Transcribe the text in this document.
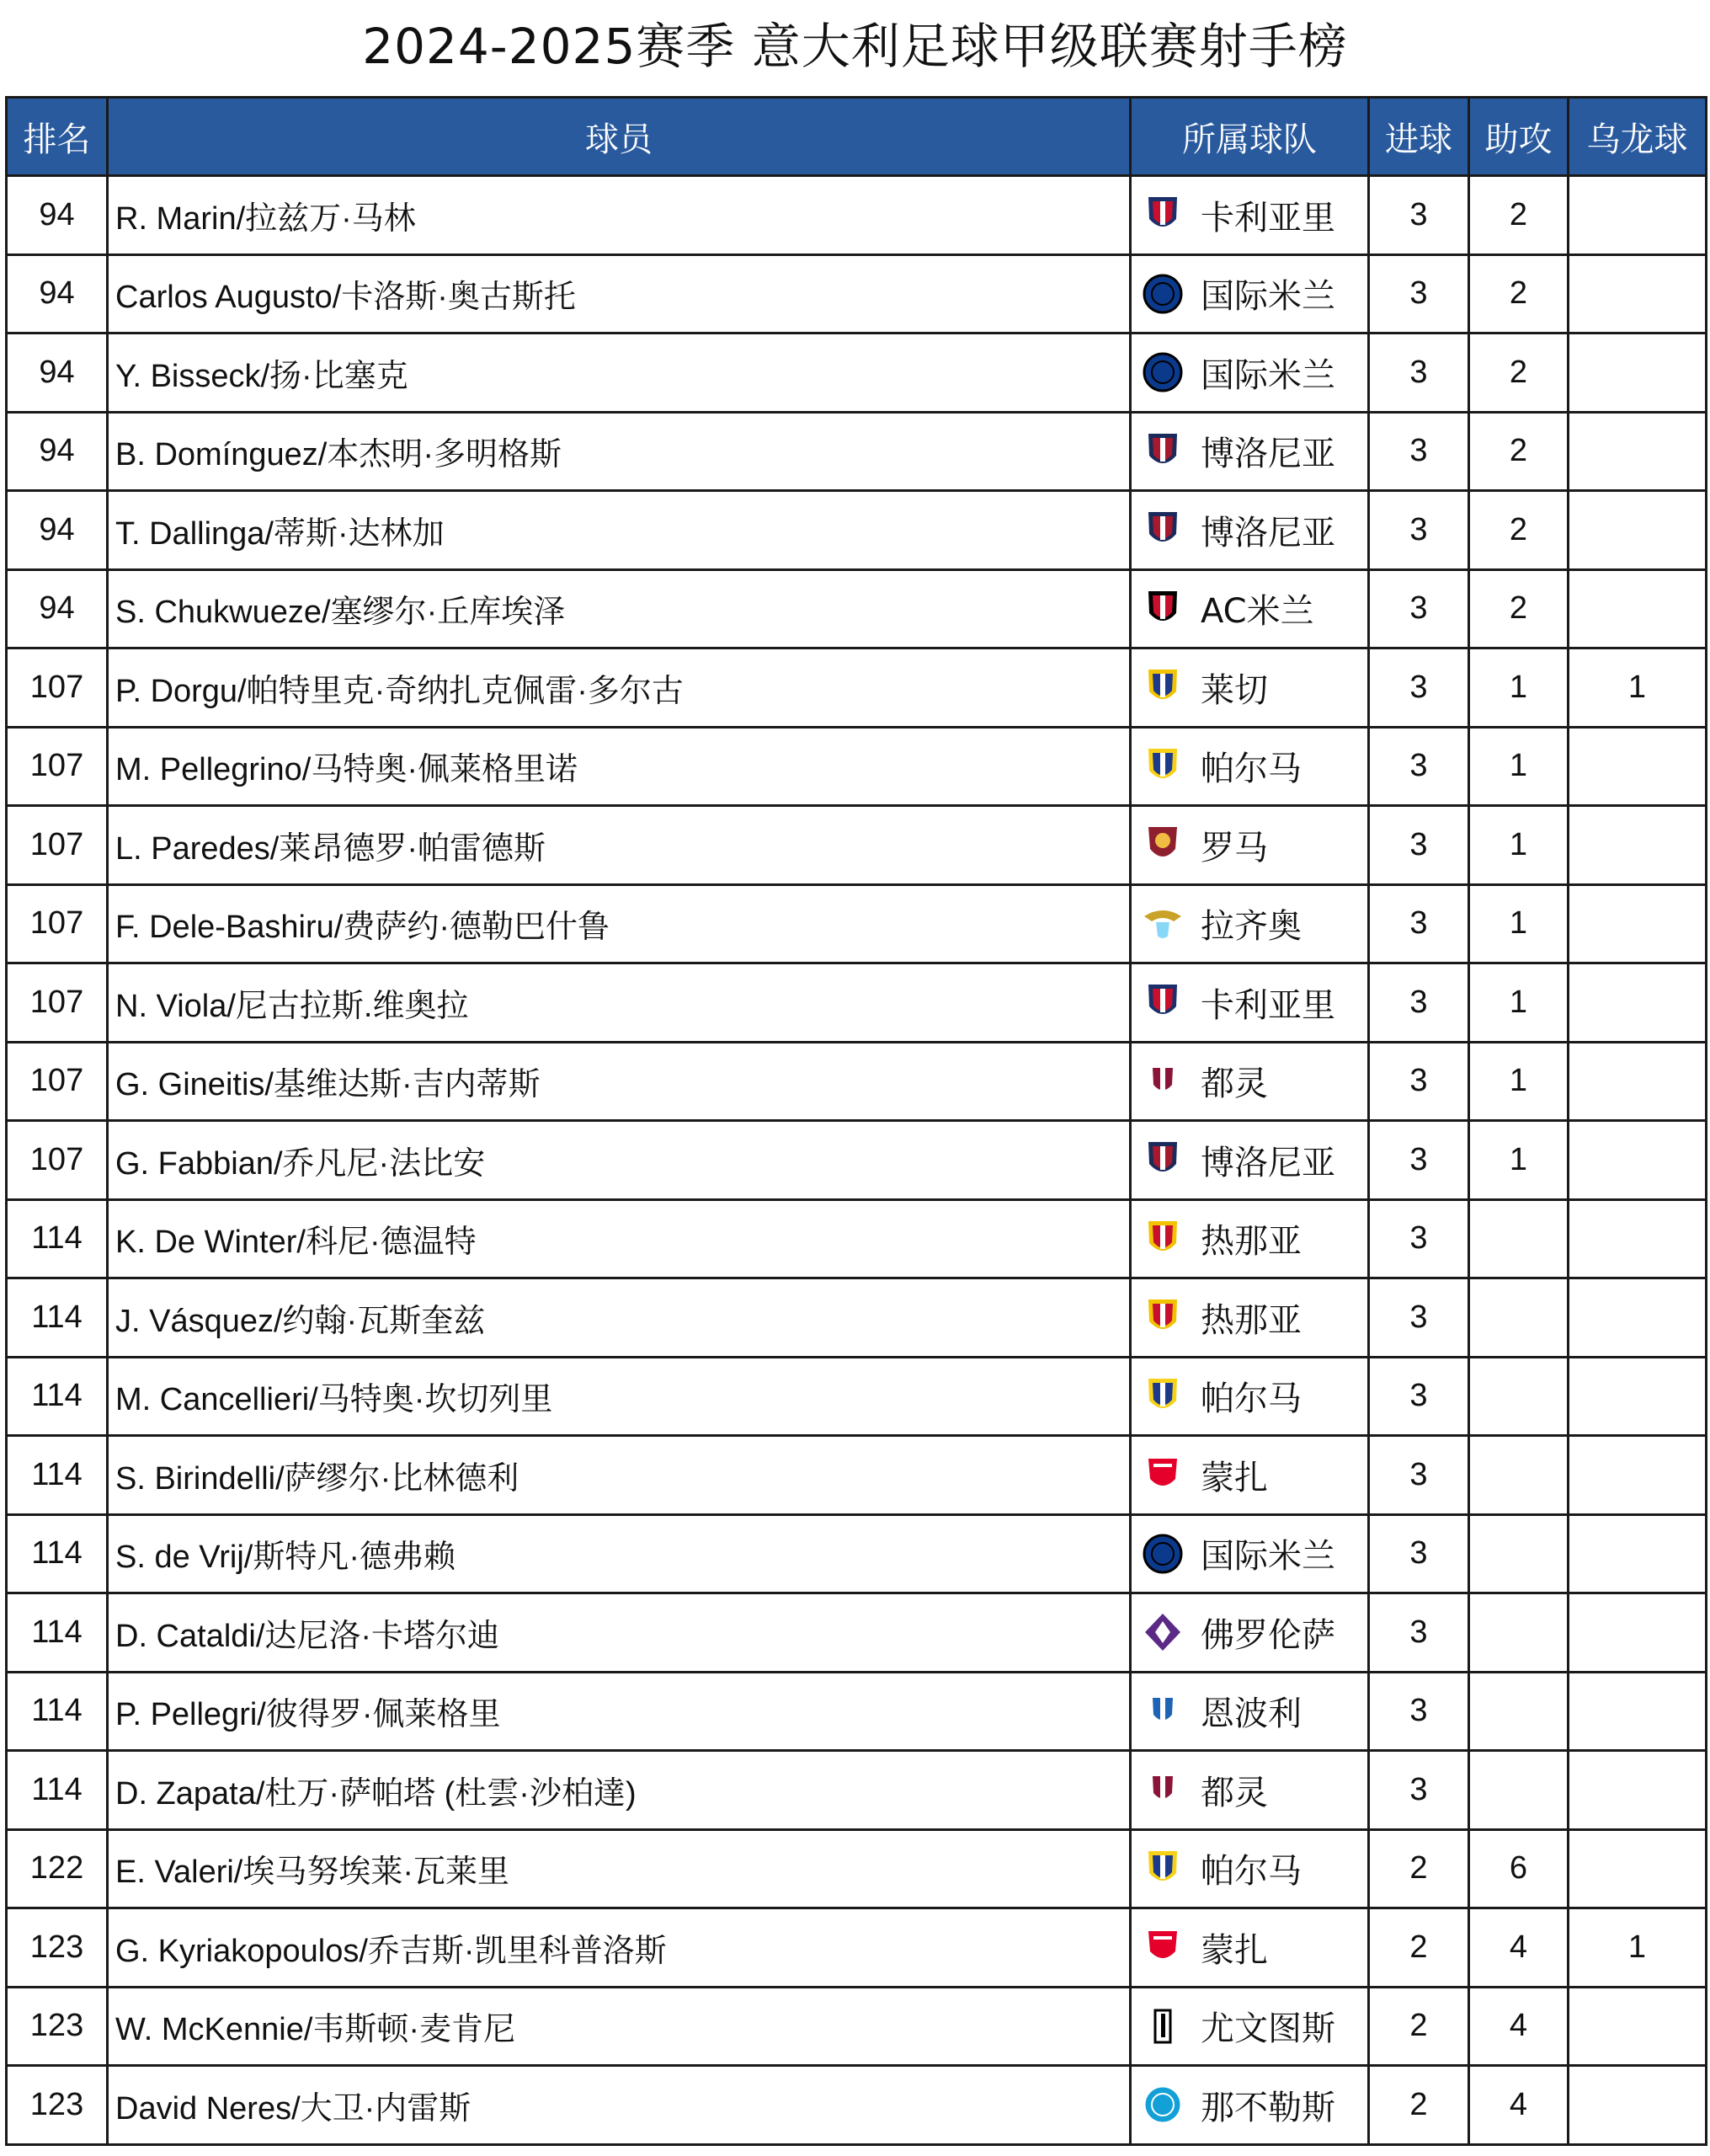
2024-2025赛季 意大利足球甲级联赛射手榜
排名	球员	所属球队	进球	助攻	乌龙球
94	R. Marin/拉兹万·马林	卡利亚里	3	2	
94	Carlos Augusto/卡洛斯·奥古斯托	国际米兰	3	2	
94	Y. Bisseck/扬·比塞克	国际米兰	3	2	
94	B. Domínguez/本杰明·多明格斯	博洛尼亚	3	2	
94	T. Dallinga/蒂斯·达林加	博洛尼亚	3	2	
94	S. Chukwueze/塞缪尔·丘库埃泽	AC米兰	3	2	
107	P. Dorgu/帕特里克·奇纳扎克佩雷·多尔古	莱切	3	1	1
107	M. Pellegrino/马特奥·佩莱格里诺	帕尔马	3	1	
107	L. Paredes/莱昂德罗·帕雷德斯	罗马	3	1	
107	F. Dele-Bashiru/费萨约·德勒巴什鲁	拉齐奥	3	1	
107	N. Viola/尼古拉斯.维奥拉	卡利亚里	3	1	
107	G. Gineitis/基维达斯·吉内蒂斯	都灵	3	1	
107	G. Fabbian/乔凡尼·法比安	博洛尼亚	3	1	
114	K. De Winter/科尼·德温特	热那亚	3		
114	J. Vásquez/约翰·瓦斯奎兹	热那亚	3		
114	M. Cancellieri/马特奥·坎切列里	帕尔马	3		
114	S. Birindelli/萨缪尔·比林德利	蒙扎	3		
114	S. de Vrij/斯特凡·德弗赖	国际米兰	3		
114	D. Cataldi/达尼洛·卡塔尔迪	佛罗伦萨	3		
114	P. Pellegri/彼得罗·佩莱格里	恩波利	3		
114	D. Zapata/杜万·萨帕塔 (杜雲·沙柏達)	都灵	3		
122	E. Valeri/埃马努埃莱·瓦莱里	帕尔马	2	6	
123	G. Kyriakopoulos/乔吉斯·凯里科普洛斯	蒙扎	2	4	1
123	W. McKennie/韦斯顿·麦肯尼	尤文图斯	2	4	
123	David Neres/大卫·内雷斯	那不勒斯	2	4	
